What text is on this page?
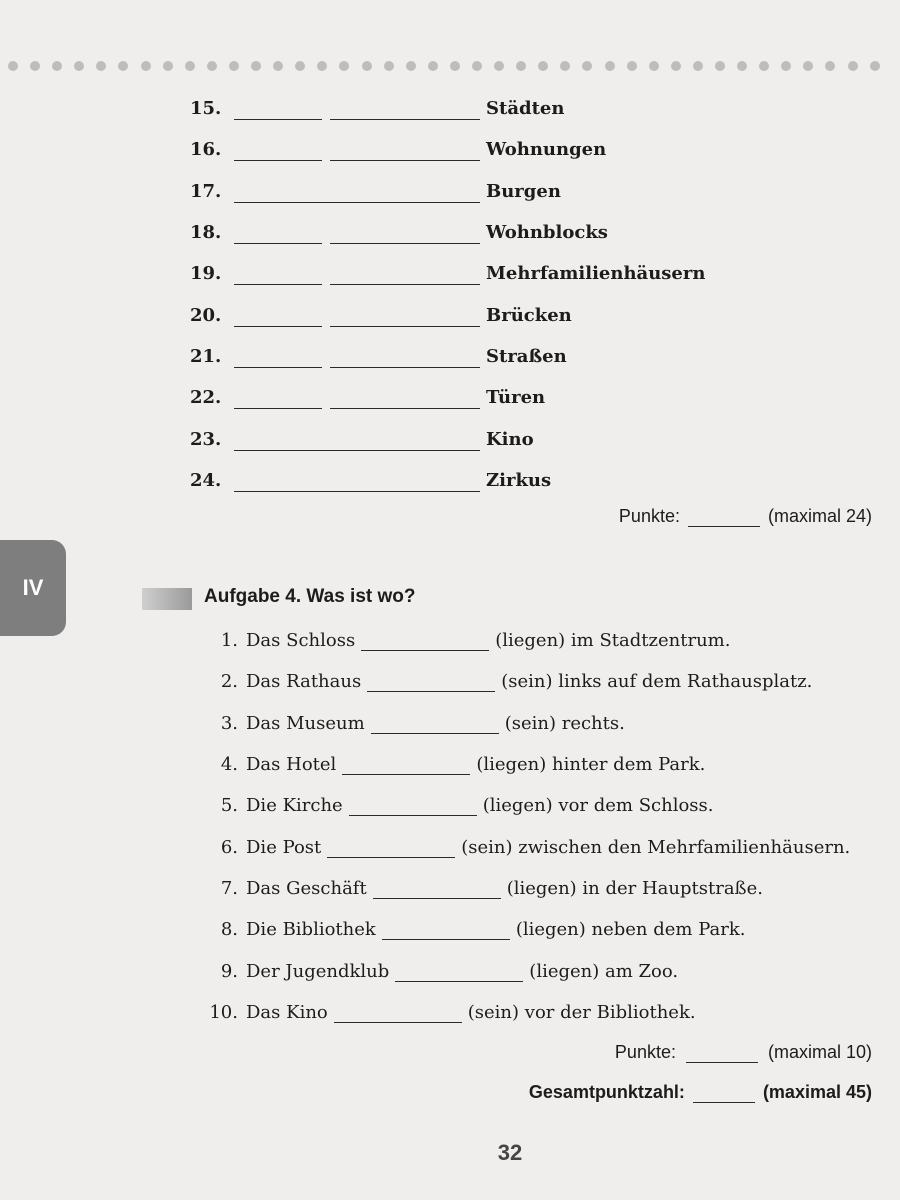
15.	Städten
16.	Wohnungen
17.	Burgen
18.	Wohnblocks
19.	Mehrfamilienhäusern
20.	Brücken
21.	Straßen
22.	Türen
23.	Kino
24.	Zirkus
Punkte:	(maximal 24)
IV	Aufgabe 4. Was ist wo?
1. Das Schloss	(liegen) im Stadtzentrum.
2. Das Rathaus	(sein) links auf dem Rathausplatz.
3. Das Museum	(sein) rechts.
4. Das Hotel	(liegen) hinter dem Park.
5. Die Kirche	(liegen) vor dem Schloss.
6. Die Post	(sein) zwischen den Mehrfamilienhäusern.
7. Das Geschäft	(liegen) in der Hauptstraße.
8. Die Bibliothek	(liegen) neben dem Park.
9. Der Jugendklub	(liegen) am Zoo.
10. Das Kino	(sein) vor der Bibliothek.
Punkte:	(maximal 10)
Gesamtpunktzahl:	(maximal 45)
32
